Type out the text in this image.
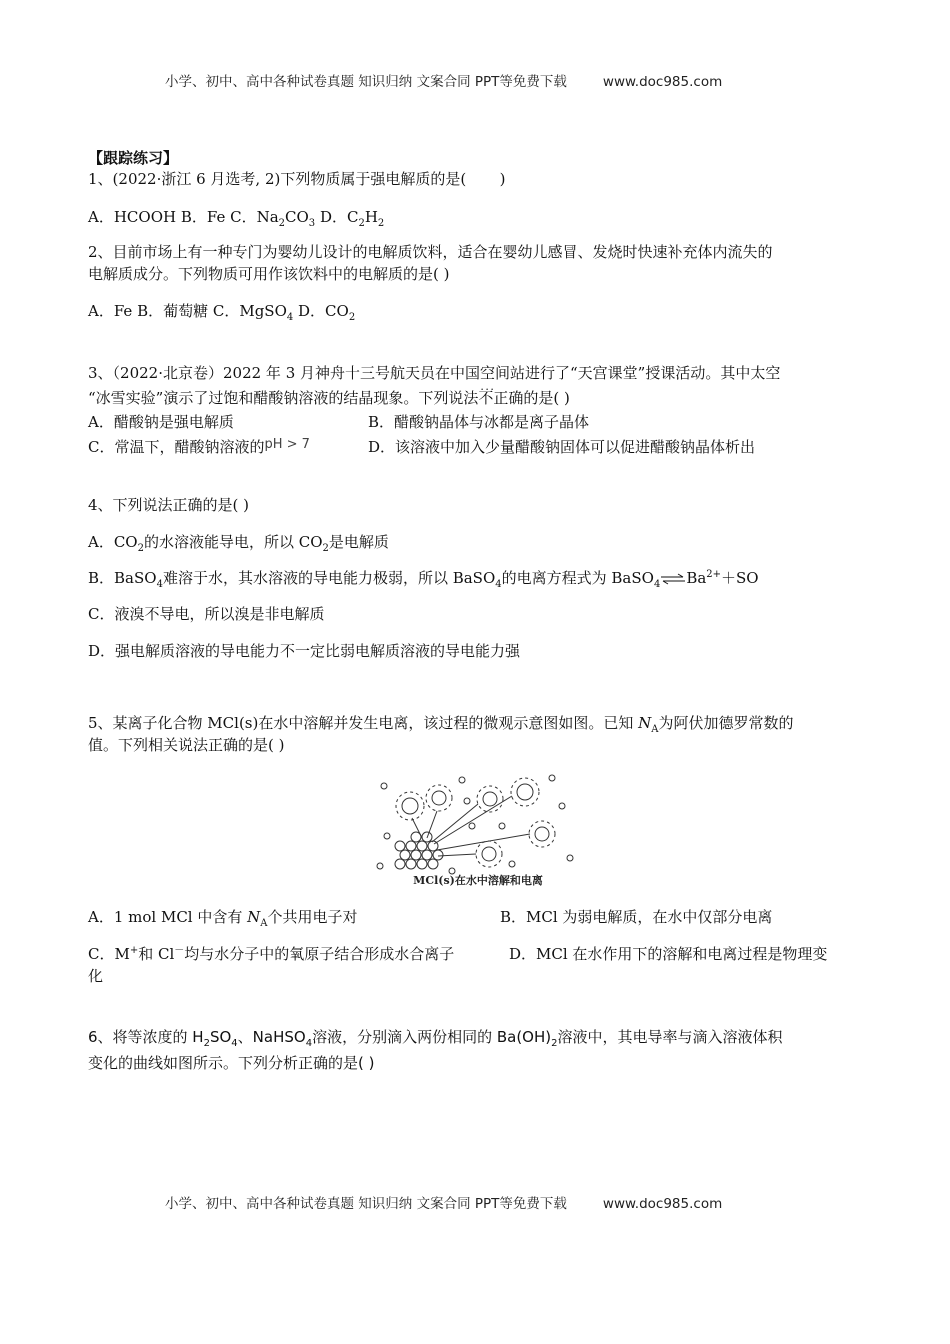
小学、初中、高中各种试卷真题 知识归纳 文案合同 PPT等免费下载	www.doc985.com
【跟踪练习】
1、(2022·浙江 6 月选考, 2)下列物质属于强电解质的是( )
A．HCOOH B．Fe C．$Na_2CO_3$ D．$C_2H_2$
2、目前市场上有一种专门为婴幼儿设计的电解质饮料，适合在婴幼儿感冒、发烧时快速补充体内流失的
电解质成分。下列物质可用作该饮料中的电解质的是( )
A．Fe B．葡萄糖 C．MgSO$_4$ D．$CO_2$
3、（2022·北京卷）2022 年 3 月神舟十三号航天员在中国空间站进行了“天宫课堂”授课活动。其中太空
“冰雪实验”演示了过饱和醋酸钠溶液的结晶现象。下列说法不正确 · · ·的是( )
A．醋酸钠是强电解质	B．醋酸钠晶体与冰都是离子晶体
C．常温下，醋酸钠溶液的pH > 7	D．该溶液中加入少量醋酸钠固体可以促进醋酸钠晶体析出
4、下列说法正确的是( )
A．$CO_2$的水溶液能导电，所以 $CO_2$是电解质
B．BaSO$_4$难溶于水，其水溶液的导电能力极弱，所以 BaSO$_4$的电离方程式为 $BaSO_4\rightleftharpoons Ba^{2+}+SO$
C．液溴不导电，所以溴是非电解质
D．强电解质溶液的导电能力不一定比弱电解质溶液的导电能力强
5、某离子化合物 MCl(s)在水中溶解并发生电离，该过程的微观示意图如图。已知 $N_A$为阿伏加德罗常数的
值。下列相关说法正确的是( )
MCl(s)在水中溶解和电离
A．1 mol MCl 中含有 $N_A$个共用电子对	B．MCl 为弱电解质，在水中仅部分电离
C．M+和 Cl－均与水分子中的氧原子结合形成水合离子	D．MCl 在水作用下的溶解和电离过程是物理变
化
6、将等浓度的 $H_2SO_4$、NaHSO$_4$溶液，分别滴入两份相同的 $Ba(OH)_2$溶液中，其电导率与滴入溶液体积
变化的曲线如图所示。下列分析正确的是( )
小学、初中、高中各种试卷真题 知识归纳 文案合同 PPT等免费下载	www.doc985.com
